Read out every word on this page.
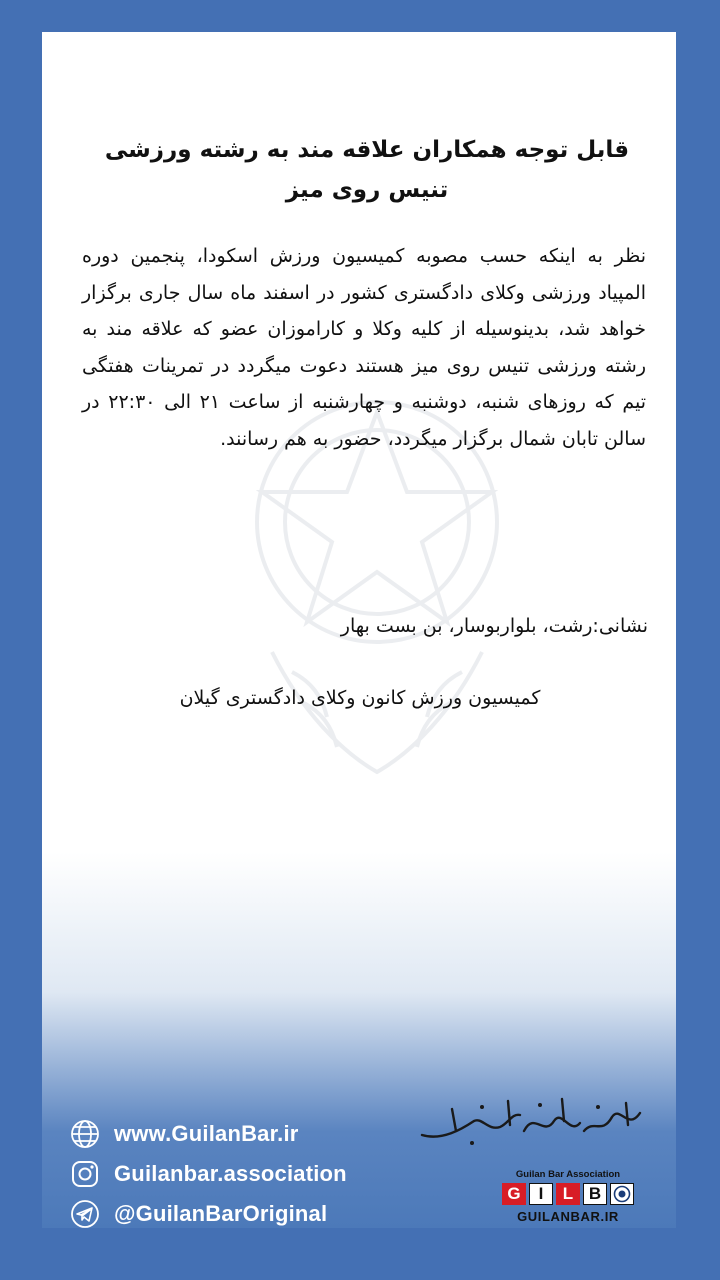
قابل توجه همکاران علاقه مند به رشته ورزشی تنیس روی میز
نظر به اینکه حسب مصوبه کمیسیون ورزش اسکودا، پنجمین دوره المپیاد ورزشی وکلای دادگستری کشور در اسفند ماه سال جاری برگزار خواهد شد، بدینوسیله از کلیه وکلا و کاراموزان عضو که علاقه مند به رشته ورزشی تنیس روی میز هستند دعوت میگردد در تمرینات هفتگی تیم که روزهای شنبه، دوشنبه و چهارشنبه از ساعت ۲۱ الی ۲۲:۳۰ در سالن تابان شمال برگزار میگردد، حضور به هم رسانند.
نشانی:رشت، بلواربوسار، بن بست بهار
کمیسیون ورزش کانون وکلای دادگستری گیلان
www.GuilanBar.ir
Guilanbar.association
@GuilanBarOriginal
Guilan Bar Association
G	I	L B
GUILANBAR.IR
